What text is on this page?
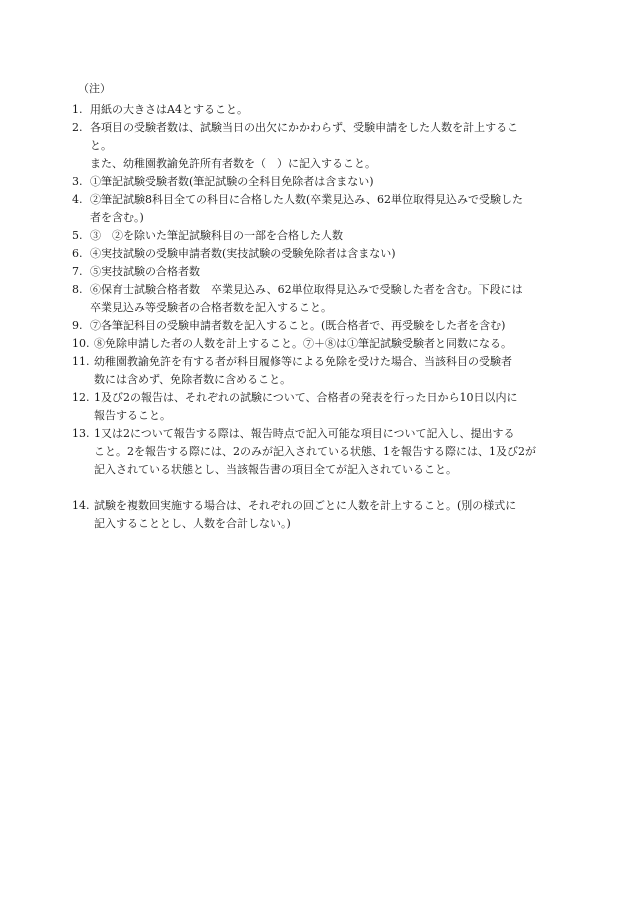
（注）
1. 用紙の大きさはA4とすること。
2. 各項目の受験者数は、試験当日の出欠にかかわらず、受験申請をした人数を計上するこ
と。
また、幼稚園教諭免許所有者数を（　）に記入すること。
3. ①筆記試験受験者数(筆記試験の全科目免除者は含まない)
4. ②筆記試験8科目全ての科目に合格した人数(卒業見込み、62単位取得見込みで受験した
者を含む。)
5. ③　②を除いた筆記試験科目の一部を合格した人数
6. ④実技試験の受験申請者数(実技試験の受験免除者は含まない)
7. ⑤実技試験の合格者数
8. ⑥保育士試験合格者数　卒業見込み、62単位取得見込みで受験した者を含む。下段には
卒業見込み等受験者の合格者数を記入すること。
9. ⑦各筆記科目の受験申請者数を記入すること。(既合格者で、再受験をした者を含む)
10. ⑧免除申請した者の人数を計上すること。⑦＋⑧は①筆記試験受験者と同数になる。
11. 幼稚園教諭免許を有する者が科目履修等による免除を受けた場合、当該科目の受験者
数には含めず、免除者数に含めること。
12. 1及び2の報告は、それぞれの試験について、合格者の発表を行った日から10日以内に
報告すること。
13. 1又は2について報告する際は、報告時点で記入可能な項目について記入し、提出する
こと。2を報告する際には、2のみが記入されている状態、1を報告する際には、1及び2が
記入されている状態とし、当該報告書の項目全てが記入されていること。
14. 試験を複数回実施する場合は、それぞれの回ごとに人数を計上すること。(別の様式に
記入することとし、人数を合計しない。)
